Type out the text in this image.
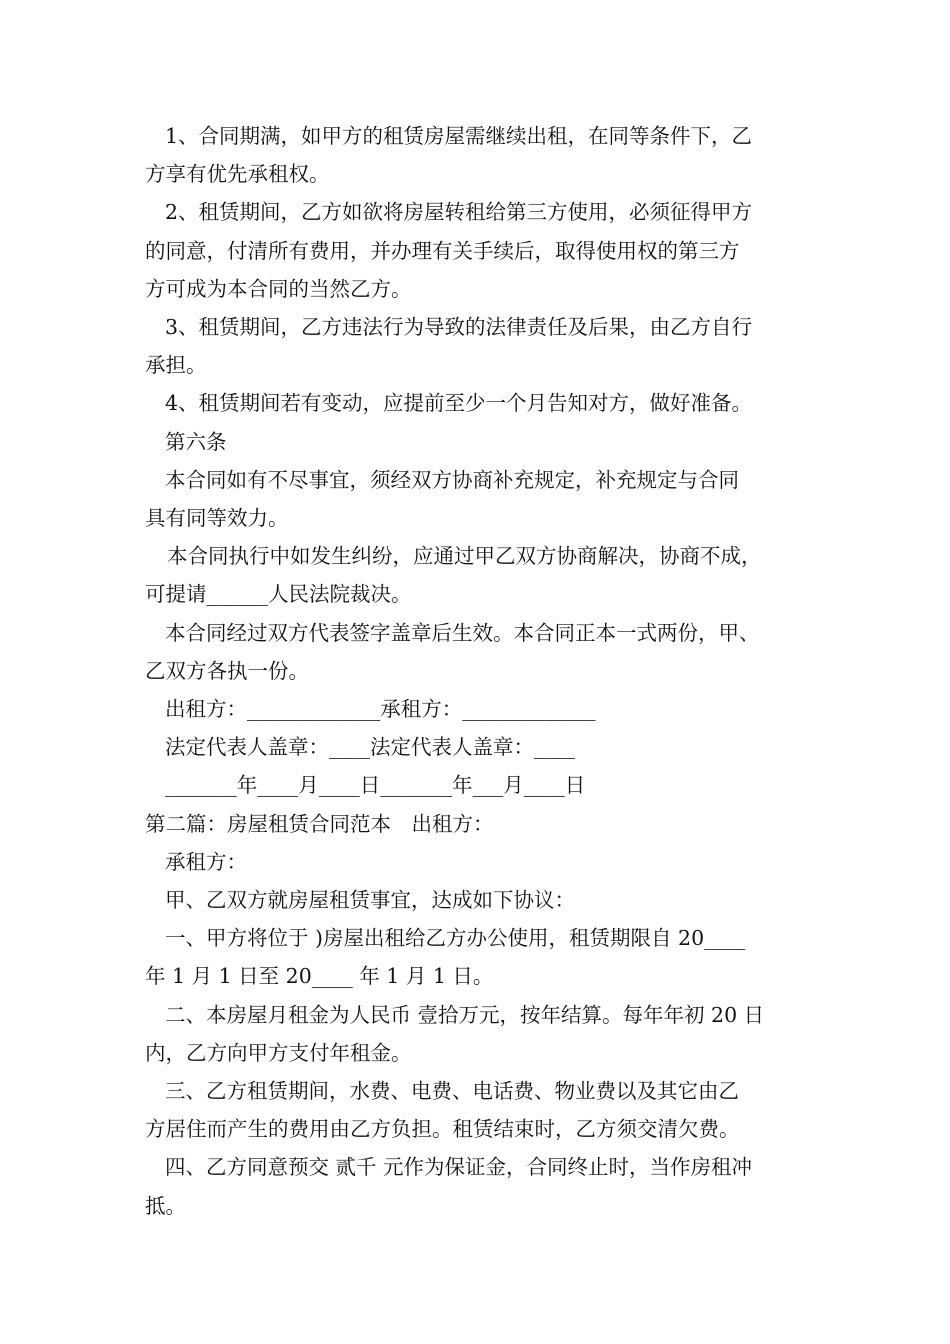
1、合同期满，如甲方的租赁房屋需继续出租，在同等条件下，乙

方享有优先承租权。

2、租赁期间，乙方如欲将房屋转租给第三方使用，必须征得甲方

的同意，付清所有费用，并办理有关手续后，取得使用权的第三方

方可成为本合同的当然乙方。

3、租赁期间，乙方违法行为导致的法律责任及后果，由乙方自行

承担。

4、租赁期间若有变动，应提前至少一个月告知对方，做好准备。

第六条

本合同如有不尽事宜，须经双方协商补充规定，补充规定与合同

具有同等效力。

本合同执行中如发生纠纷，应通过甲乙双方协商解决，协商不成，

可提请______人民法院裁决。

本合同经过双方代表签字盖章后生效。本合同正本一式两份，甲、

乙双方各执一份。

出租方：_____________承租方：_____________

法定代表人盖章：____法定代表人盖章：____

_______年____月____日_______年___月____日

第二篇：房屋租赁合同范本　出租方：

承租方：

甲、乙双方就房屋租赁事宜，达成如下协议：

一、甲方将位于 )房屋出租给乙方办公使用，租赁期限自 20____

年 1 月 1 日至 20____ 年 1 月 1 日。

二、本房屋月租金为人民币 壹拾万元，按年结算。每年年初 20 日

内，乙方向甲方支付年租金。

三、乙方租赁期间，水费、电费、电话费、物业费以及其它由乙

方居住而产生的费用由乙方负担。租赁结束时，乙方须交清欠费。

四、乙方同意预交 贰千 元作为保证金，合同终止时，当作房租冲

抵。
